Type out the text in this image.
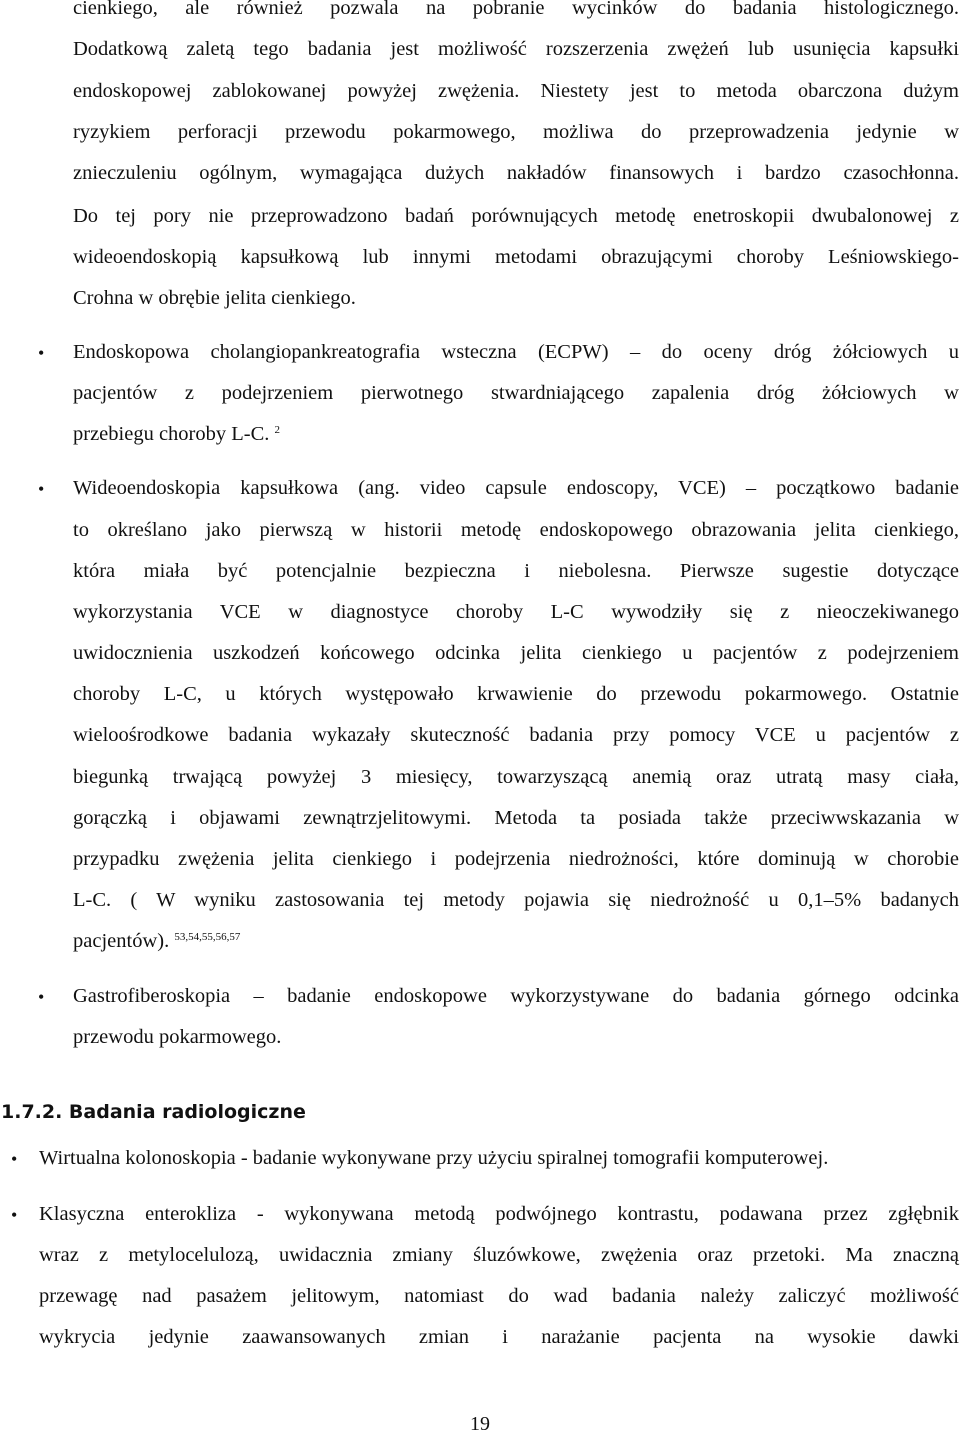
cienkiego, ale również pozwala na pobranie wycinków do badania histologicznego.
Dodatkową zaletą tego badania jest możliwość rozszerzenia zwężeń lub usunięcia kapsułki
endoskopowej zablokowanej powyżej zwężenia. Niestety jest to metoda obarczona dużym
ryzykiem perforacji przewodu pokarmowego, możliwa do przeprowadzenia jedynie w
znieczuleniu ogólnym, wymagająca dużych nakładów finansowych i bardzo czasochłonna.
Do tej pory nie przeprowadzono badań porównujących metodę enetroskopii dwubalonowej z
wideoendoskopią kapsułkową lub innymi metodami obrazującymi choroby Leśniowskiego-
Crohna w obrębie jelita cienkiego.
• Endoskopowa cholangiopankreatografia wsteczna (ECPW) – do oceny dróg żółciowych u
pacjentów z podejrzeniem pierwotnego stwardniającego zapalenia dróg żółciowych w
przebiegu choroby L-C. $^2$
• Wideoendoskopia kapsułkowa (ang. video capsule endoscopy, VCE) – początkowo badanie
to określano jako pierwszą w historii metodę endoskopowego obrazowania jelita cienkiego,
która miała być potencjalnie bezpieczna i niebolesna. Pierwsze sugestie dotyczące
wykorzystania VCE w diagnostyce choroby L-C wywodziły się z nieoczekiwanego
uwidocznienia uszkodzeń końcowego odcinka jelita cienkiego u pacjentów z podejrzeniem
choroby L-C, u których występowało krwawienie do przewodu pokarmowego. Ostatnie
wieloośrodkowe badania wykazały skuteczność badania przy pomocy VCE u pacjentów z
biegunką trwającą powyżej 3 miesięcy, towarzyszącą anemią oraz utratą masy ciała,
gorączką i objawami zewnątrzjelitowymi. Metoda ta posiada także przeciwwskazania w
przypadku zwężenia jelita cienkiego i podejrzenia niedrożności, które dominują w chorobie
L-C. ( W wyniku zastosowania tej metody pojawia się niedrożność u 0,1–5% badanych
pacjentów). $^{53,54,55,56,57}$
• Gastrofiberoskopia – badanie endoskopowe wykorzystywane do badania górnego odcinka
przewodu pokarmowego.
1.7.2. Badania radiologiczne
• Wirtualna kolonoskopia - badanie wykonywane przy użyciu spiralnej tomografii komputerowej.
• Klasyczna enterokliza - wykonywana metodą podwójnego kontrastu, podawana przez zgłębnik
wraz z metylocelulozą, uwidacznia zmiany śluzówkowe, zwężenia oraz przetoki. Ma znaczną
przewagę nad pasażem jelitowym, natomiast do wad badania należy zaliczyć możliwość
wykrycia jedynie zaawansowanych zmian i narażanie pacjenta na wysokie dawki
19
